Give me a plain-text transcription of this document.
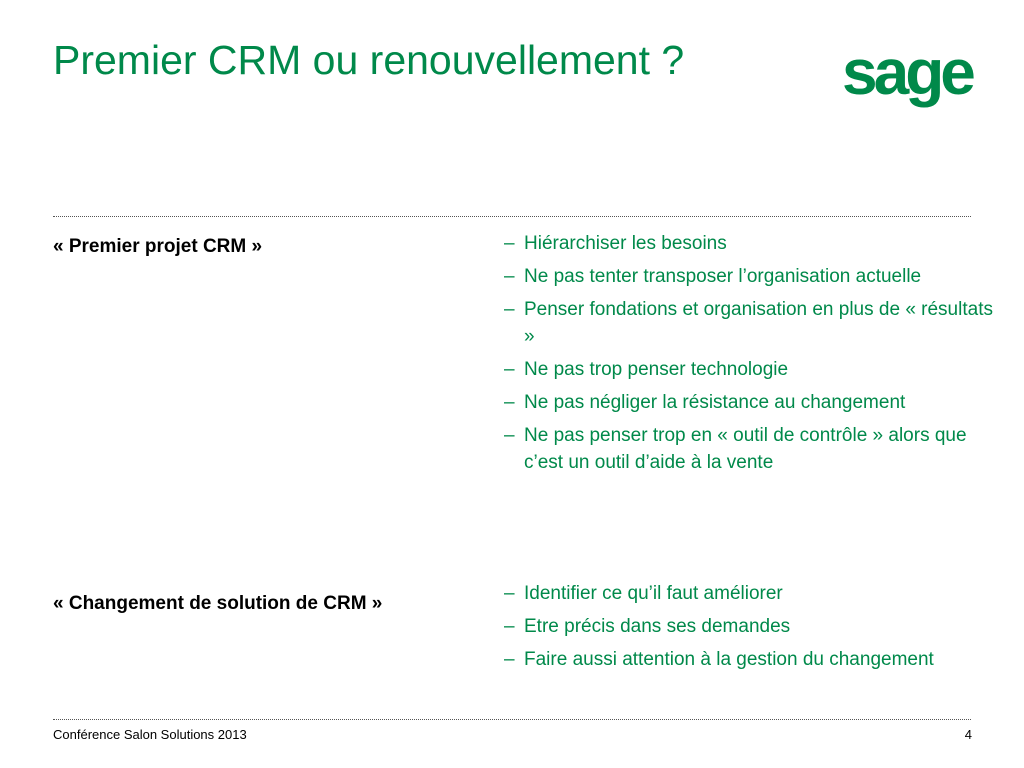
Premier CRM ou renouvellement ? sage

« Premier projet CRM »	– Hiérarchiser les besoins
– Ne pas tenter transposer l’organisation actuelle
– Penser fondations et organisation en plus de « résultats »
– Ne pas trop penser technologie
– Ne pas négliger la résistance au changement
– Ne pas penser trop en « outil de contrôle » alors que c’est un outil d’aide à la vente

« Changement de solution de CRM »	– Identifier ce qu’il faut améliorer
– Etre précis dans ses demandes
– Faire aussi attention à la gestion du changement
Conférence Salon Solutions 2013	4
